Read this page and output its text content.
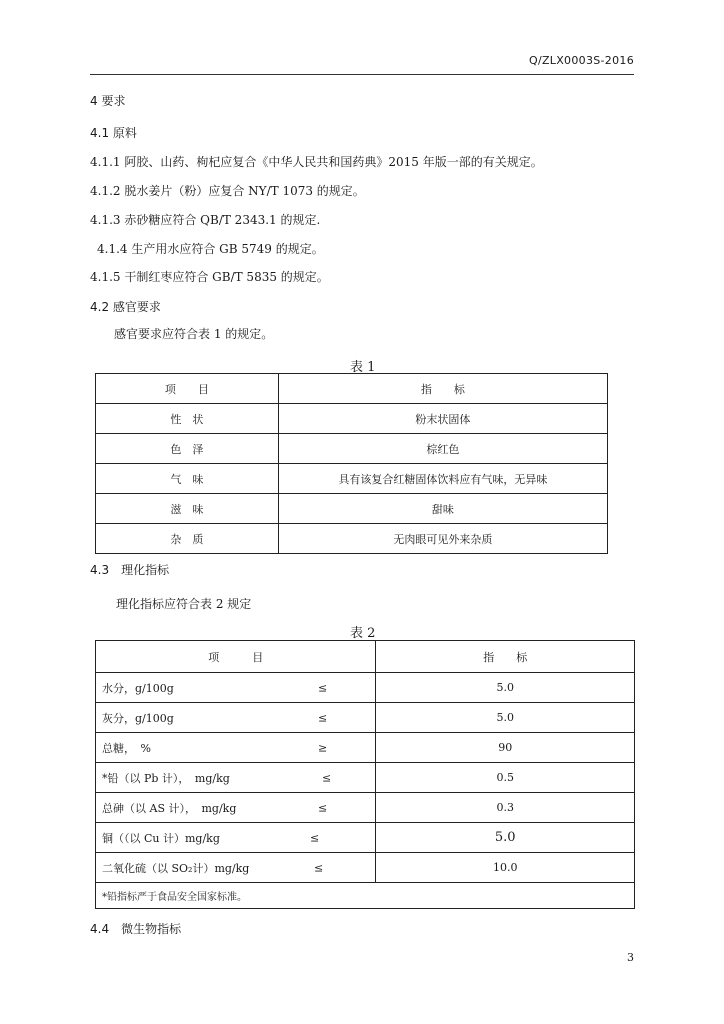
Q/ZLX0003S-2016
4 要求
4.1 原料
4.1.1 阿胶、山药、枸杞应复合《中华人民共和国药典》2015 年版一部的有关规定。
4.1.2 脱水姜片（粉）应复合 NY/T 1073 的规定。
4.1.3 赤砂糖应符合 QB/T 2343.1 的规定.
4.1.4 生产用水应符合 GB 5749 的规定。
4.1.5 干制红枣应符合 GB/T 5835 的规定。
4.2 感官要求
感官要求应符合表 1 的规定。
表 1
项　　目	指　　标
性　状	粉末状固体
色　泽	棕红色
气　味	具有该复合红糖固体饮料应有气味，无异味
滋　味	甜味
杂　质	无肉眼可见外来杂质
4.3　理化指标
理化指标应符合表 2 规定
表 2
项　　　目	指　　标
水分，g/100g ≤	5.0
灰分，g/100g ≤	5.0
总糖，　% ≥	90
*铅（以 Pb 计），　mg/kg ≤	0.5
总砷（以 AS 计），　mg/kg ≤	0.3
铜（（以 Cu 计）mg/kg ≤	5.0
二氧化硫（以 SO₂计）mg/kg ≤	10.0
*铅指标严于食品安全国家标准。	
4.4　微生物指标
3
